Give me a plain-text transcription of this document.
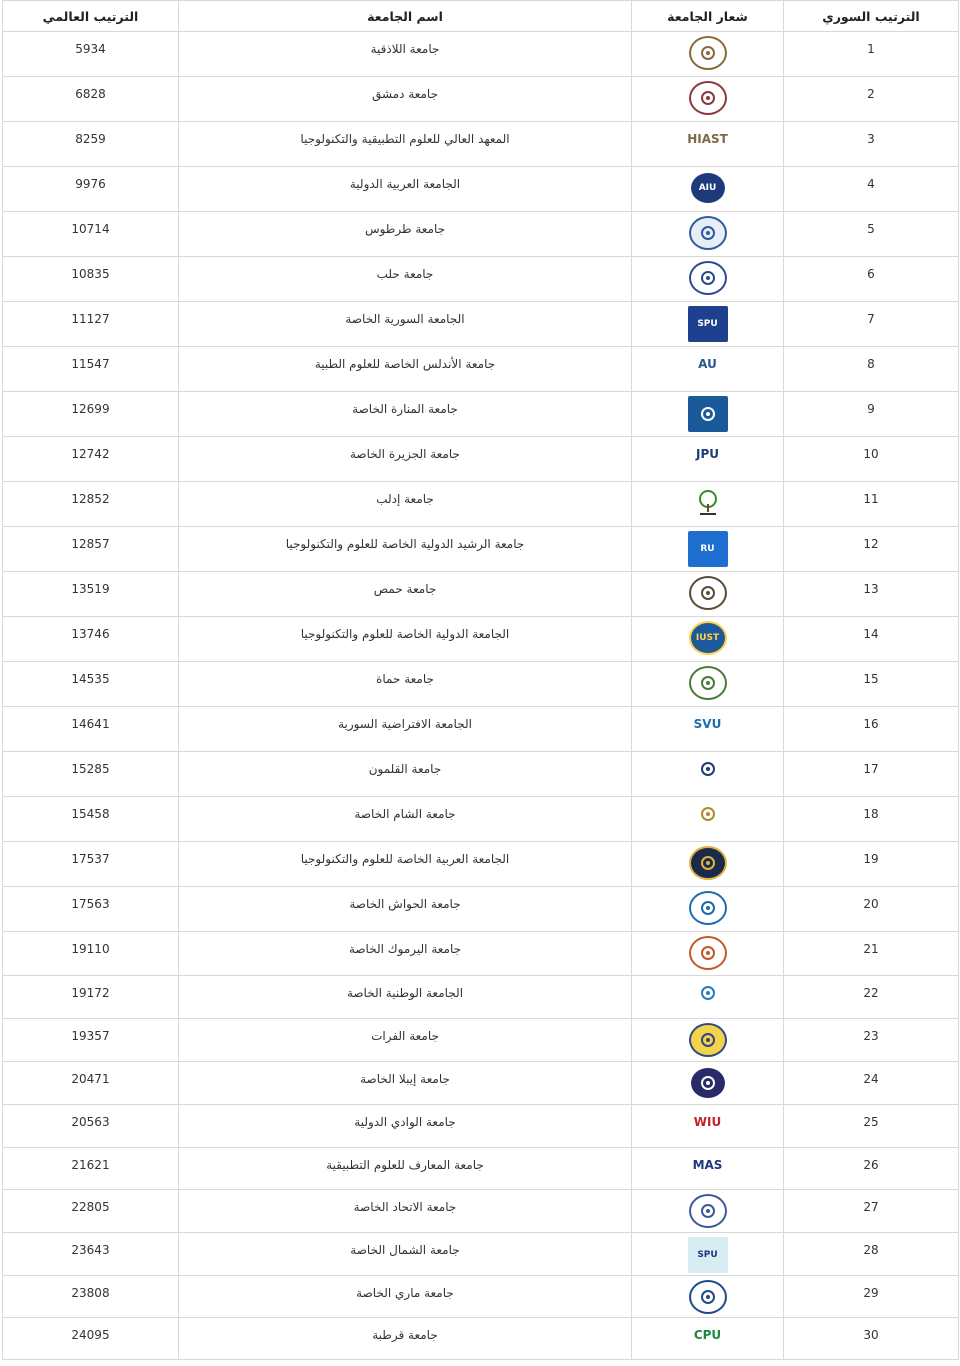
الترتيب السوري	شعار الجامعة	اسم الجامعة	الترتيب العالمي
1		جامعة اللاذقية	5934
2		جامعة دمشق	6828
3	HIAST	المعهد العالي للعلوم التطبيقية والتكنولوجيا	8259
4	AIU	الجامعة العربية الدولية	9976
5		جامعة طرطوس	10714
6		جامعة حلب	10835
7	SPU	الجامعة السورية الخاصة	11127
8	AU	جامعة الأندلس الخاصة للعلوم الطبية	11547
9		جامعة المنارة الخاصة	12699
10	JPU	جامعة الجزيرة الخاصة	12742
11		جامعة إدلب	12852
12	RU	جامعة الرشيد الدولية الخاصة للعلوم والتكنولوجيا	12857
13		جامعة حمص	13519
14	IUST	الجامعة الدولية الخاصة للعلوم والتكنولوجيا	13746
15		جامعة حماة	14535
16	SVU	الجامعة الافتراضية السورية	14641
17		جامعة القلمون	15285
18		جامعة الشام الخاصة	15458
19		الجامعة العربية الخاصة للعلوم والتكنولوجيا	17537
20		جامعة الحواش الخاصة	17563
21		جامعة اليرموك الخاصة	19110
22		الجامعة الوطنية الخاصة	19172
23		جامعة الفرات	19357
24		جامعة إيبلا الخاصة	20471
25	WIU	جامعة الوادي الدولية	20563
26	MAS	جامعة المعارف للعلوم التطبيقية	21621
27		جامعة الاتحاد الخاصة	22805
28	SPU	جامعة الشمال الخاصة	23643
29		جامعة ماري الخاصة	23808
30	CPU	جامعة قرطبة	24095
